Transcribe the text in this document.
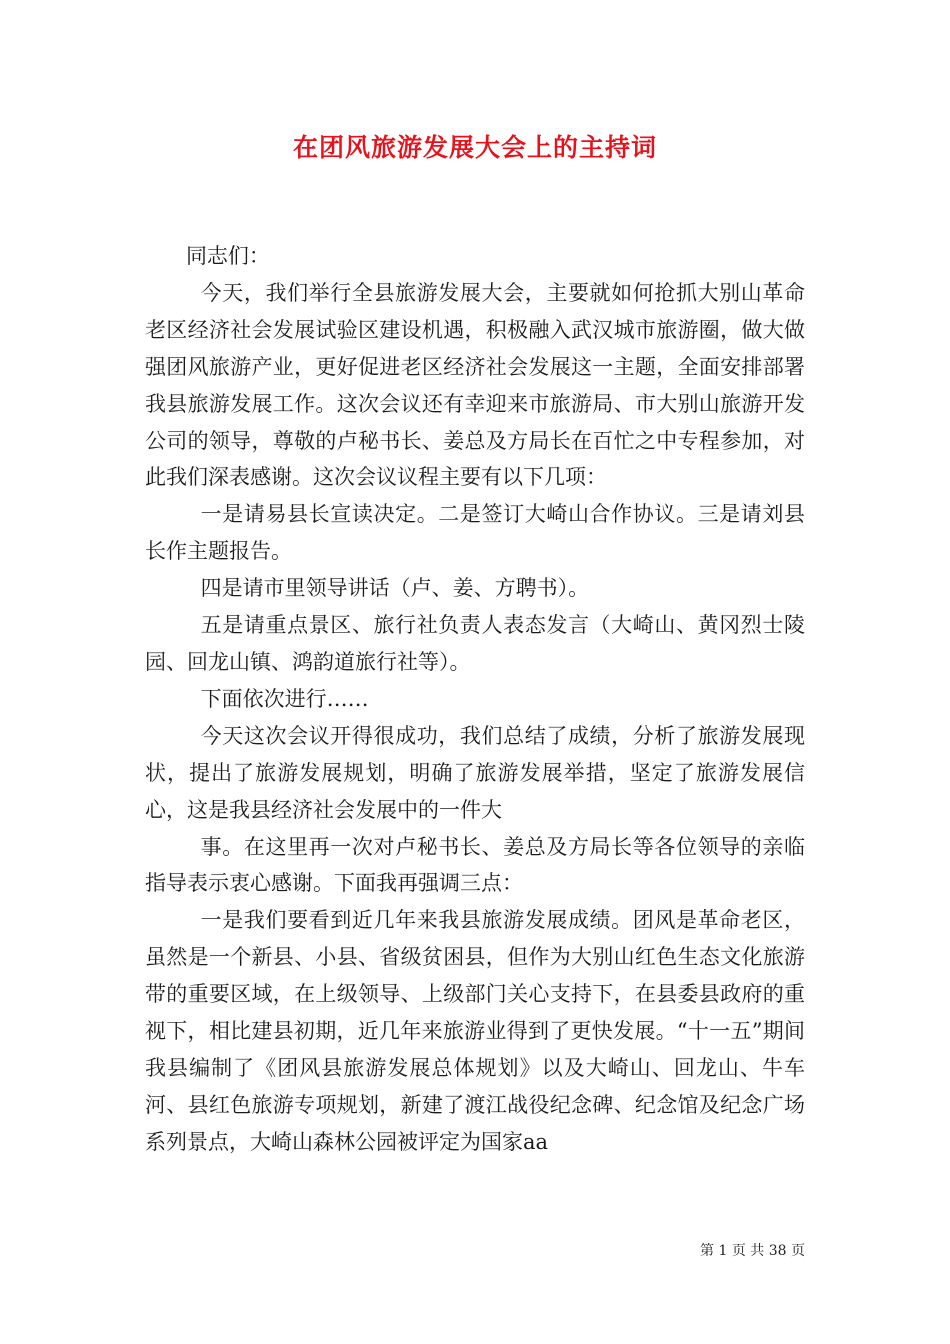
在团风旅游发展大会上的主持词

同志们：

今天，我们举行全县旅游发展大会，主要就如何抢抓大别山革命老区经济社会发展试验区建设机遇，积极融入武汉城市旅游圈，做大做强团风旅游产业，更好促进老区经济社会发展这一主题，全面安排部署我县旅游发展工作。这次会议还有幸迎来市旅游局、市大别山旅游开发公司的领导，尊敬的卢秘书长、姜总及方局长在百忙之中专程参加，对此我们深表感谢。这次会议议程主要有以下几项：

一是请易县长宣读决定。二是签订大崎山合作协议。三是请刘县长作主题报告。

四是请市里领导讲话（卢、姜、方聘书）。

五是请重点景区、旅行社负责人表态发言（大崎山、黄冈烈士陵园、回龙山镇、鸿韵道旅行社等）。

下面依次进行……

今天这次会议开得很成功，我们总结了成绩，分析了旅游发展现状，提出了旅游发展规划，明确了旅游发展举措，坚定了旅游发展信心，这是我县经济社会发展中的一件大

事。在这里再一次对卢秘书长、姜总及方局长等各位领导的亲临指导表示衷心感谢。下面我再强调三点：

一是我们要看到近几年来我县旅游发展成绩。团风是革命老区，虽然是一个新县、小县、省级贫困县，但作为大别山红色生态文化旅游带的重要区域，在上级领导、上级部门关心支持下，在县委县政府的重视下，相比建县初期，近几年来旅游业得到了更快发展。“十一五”期间我县编制了《团风县旅游发展总体规划》以及大崎山、回龙山、牛车河、县红色旅游专项规划，新建了渡江战役纪念碑、纪念馆及纪念广场系列景点，大崎山森林公园被评定为国家aa

第 1 页 共 38 页
